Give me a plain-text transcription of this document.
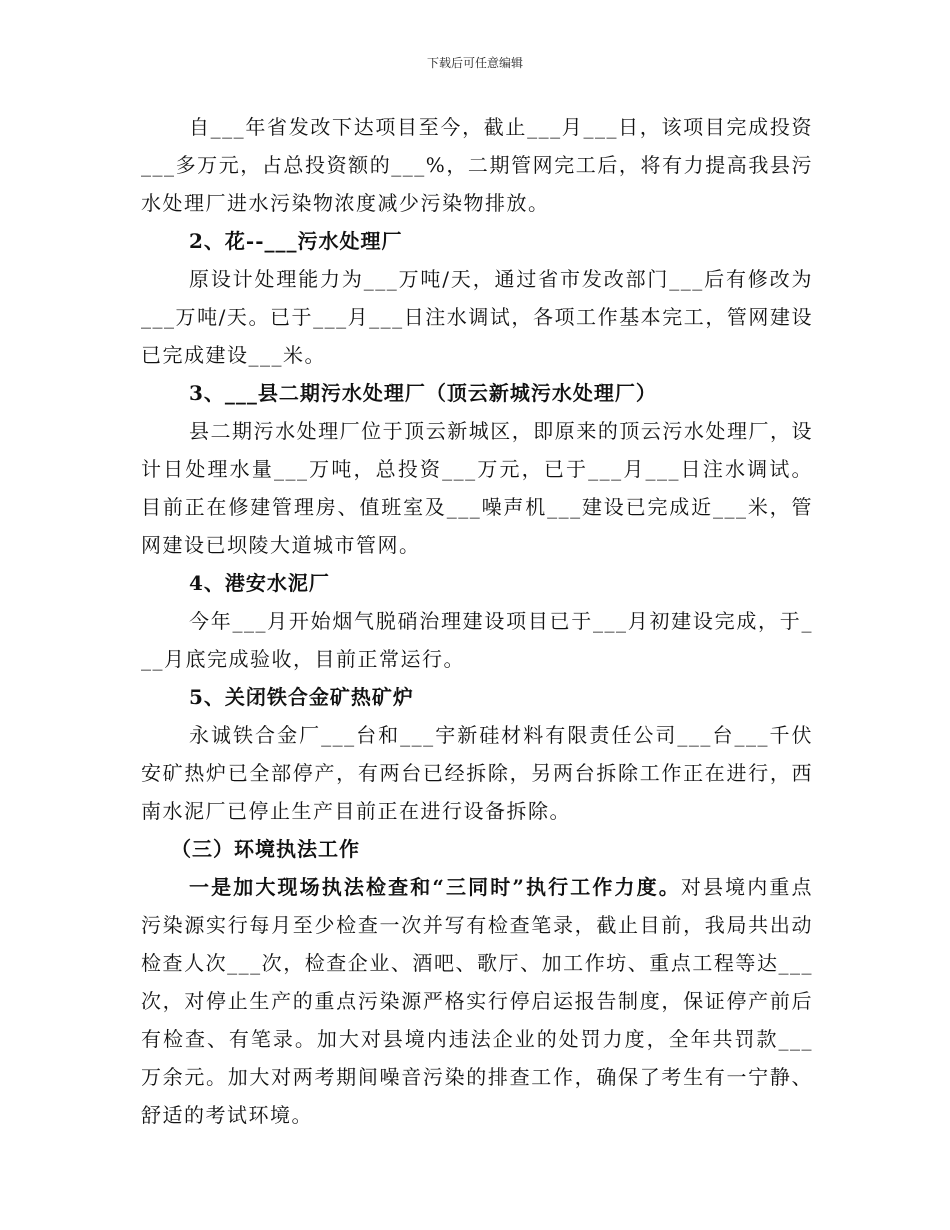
下载后可任意编辑

自___年省发改下达项目至今，截止___月___日，该项目完成投资___多万元，占总投资额的___%，二期管网完工后，将有力提高我县污水处理厂进水污染物浓度减少污染物排放。

2、花--___污水处理厂

原设计处理能力为___万吨/天，通过省市发改部门___后有修改为___万吨/天。已于___月___日注水调试，各项工作基本完工，管网建设已完成建设___米。

3、___县二期污水处理厂（顶云新城污水处理厂）

县二期污水处理厂位于顶云新城区，即原来的顶云污水处理厂，设计日处理水量___万吨，总投资___万元，已于___月___日注水调试。目前正在修建管理房、值班室及___噪声机___建设已完成近___米，管网建设已坝陵大道城市管网。

4、港安水泥厂

今年___月开始烟气脱硝治理建设项目已于___月初建设完成，于___月底完成验收，目前正常运行。

5、关闭铁合金矿热矿炉

永诚铁合金厂___台和___宇新硅材料有限责任公司___台___千伏安矿热炉已全部停产，有两台已经拆除，另两台拆除工作正在进行，西南水泥厂已停止生产目前正在进行设备拆除。

（三）环境执法工作

一是加大现场执法检查和“三同时”执行工作力度。对县境内重点污染源实行每月至少检查一次并写有检查笔录，截止目前，我局共出动检查人次___次，检查企业、酒吧、歌厅、加工作坊、重点工程等达___次，对停止生产的重点污染源严格实行停启运报告制度，保证停产前后有检查、有笔录。加大对县境内违法企业的处罚力度，全年共罚款___万余元。加大对两考期间噪音污染的排查工作，确保了考生有一宁静、舒适的考试环境。
